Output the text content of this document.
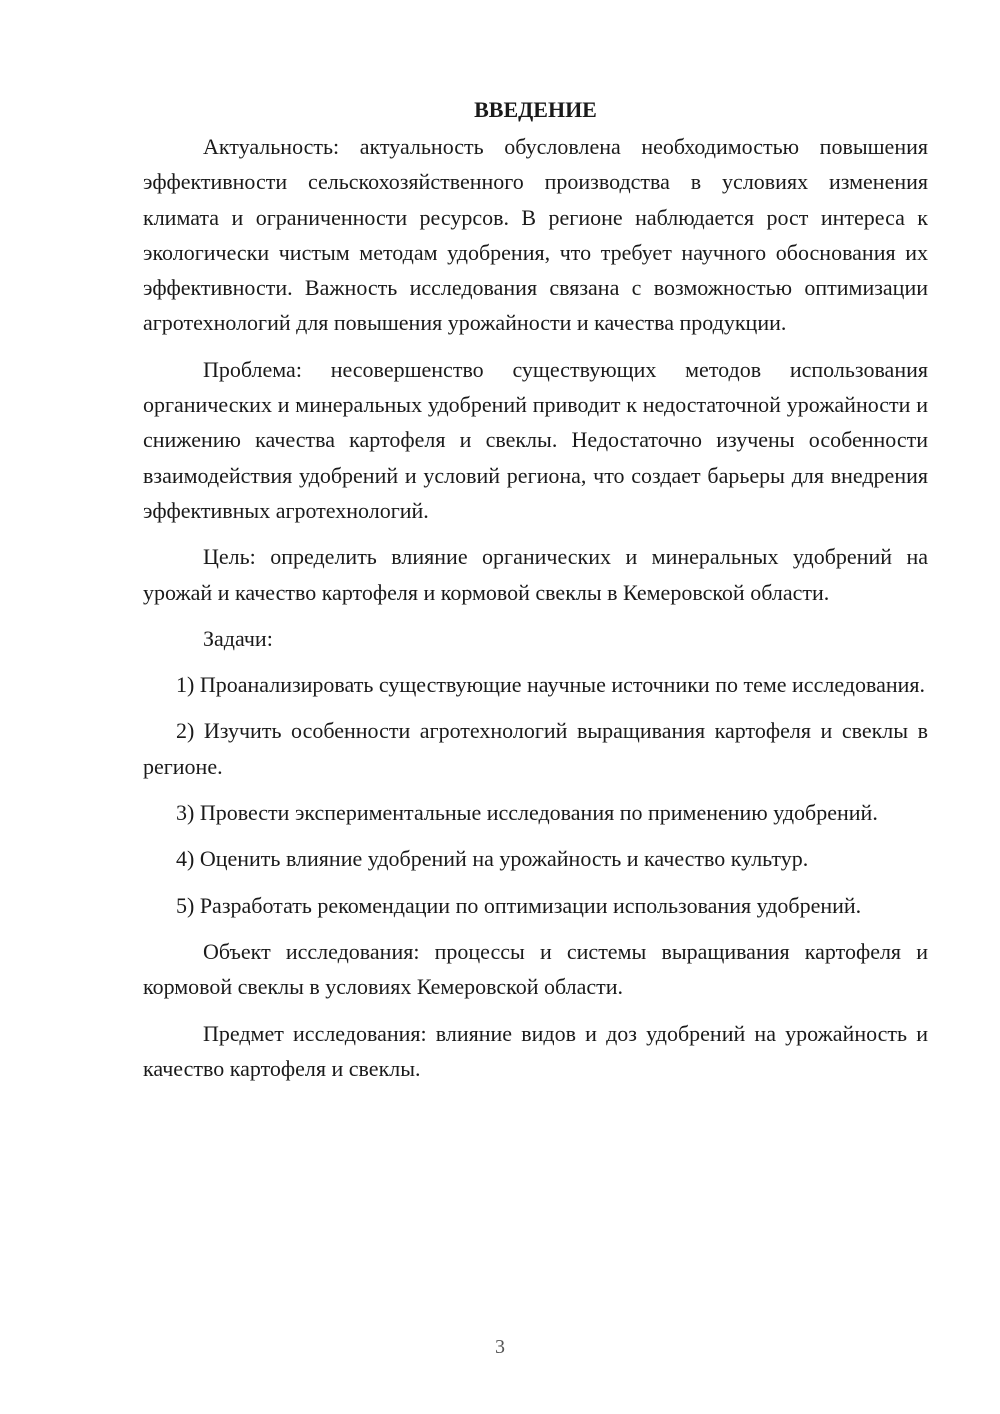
ВВЕДЕНИЕ

Актуальность: актуальность обусловлена необходимостью повышения эффективности сельскохозяйственного производства в условиях изменения климата и ограниченности ресурсов. В регионе наблюдается рост интереса к экологически чистым методам удобрения, что требует научного обоснования их эффективности. Важность исследования связана с возможностью оптимизации агротехнологий для повышения урожайности и качества продукции.

Проблема: несовершенство существующих методов использования органических и минеральных удобрений приводит к недостаточной урожайности и снижению качества картофеля и свеклы. Недостаточно изучены особенности взаимодействия удобрений и условий региона, что создает барьеры для внедрения эффективных агротехнологий.

Цель: определить влияние органических и минеральных удобрений на урожай и качество картофеля и кормовой свеклы в Кемеровской области.

Задачи:

1) Проанализировать существующие научные источники по теме исследования.

2) Изучить особенности агротехнологий выращивания картофеля и свеклы в регионе.

3) Провести экспериментальные исследования по применению удобрений.

4) Оценить влияние удобрений на урожайность и качество культур.

5) Разработать рекомендации по оптимизации использования удобрений.

Объект исследования: процессы и системы выращивания картофеля и кормовой свеклы в условиях Кемеровской области.

Предмет исследования: влияние видов и доз удобрений на урожайность и качество картофеля и свеклы.

3
